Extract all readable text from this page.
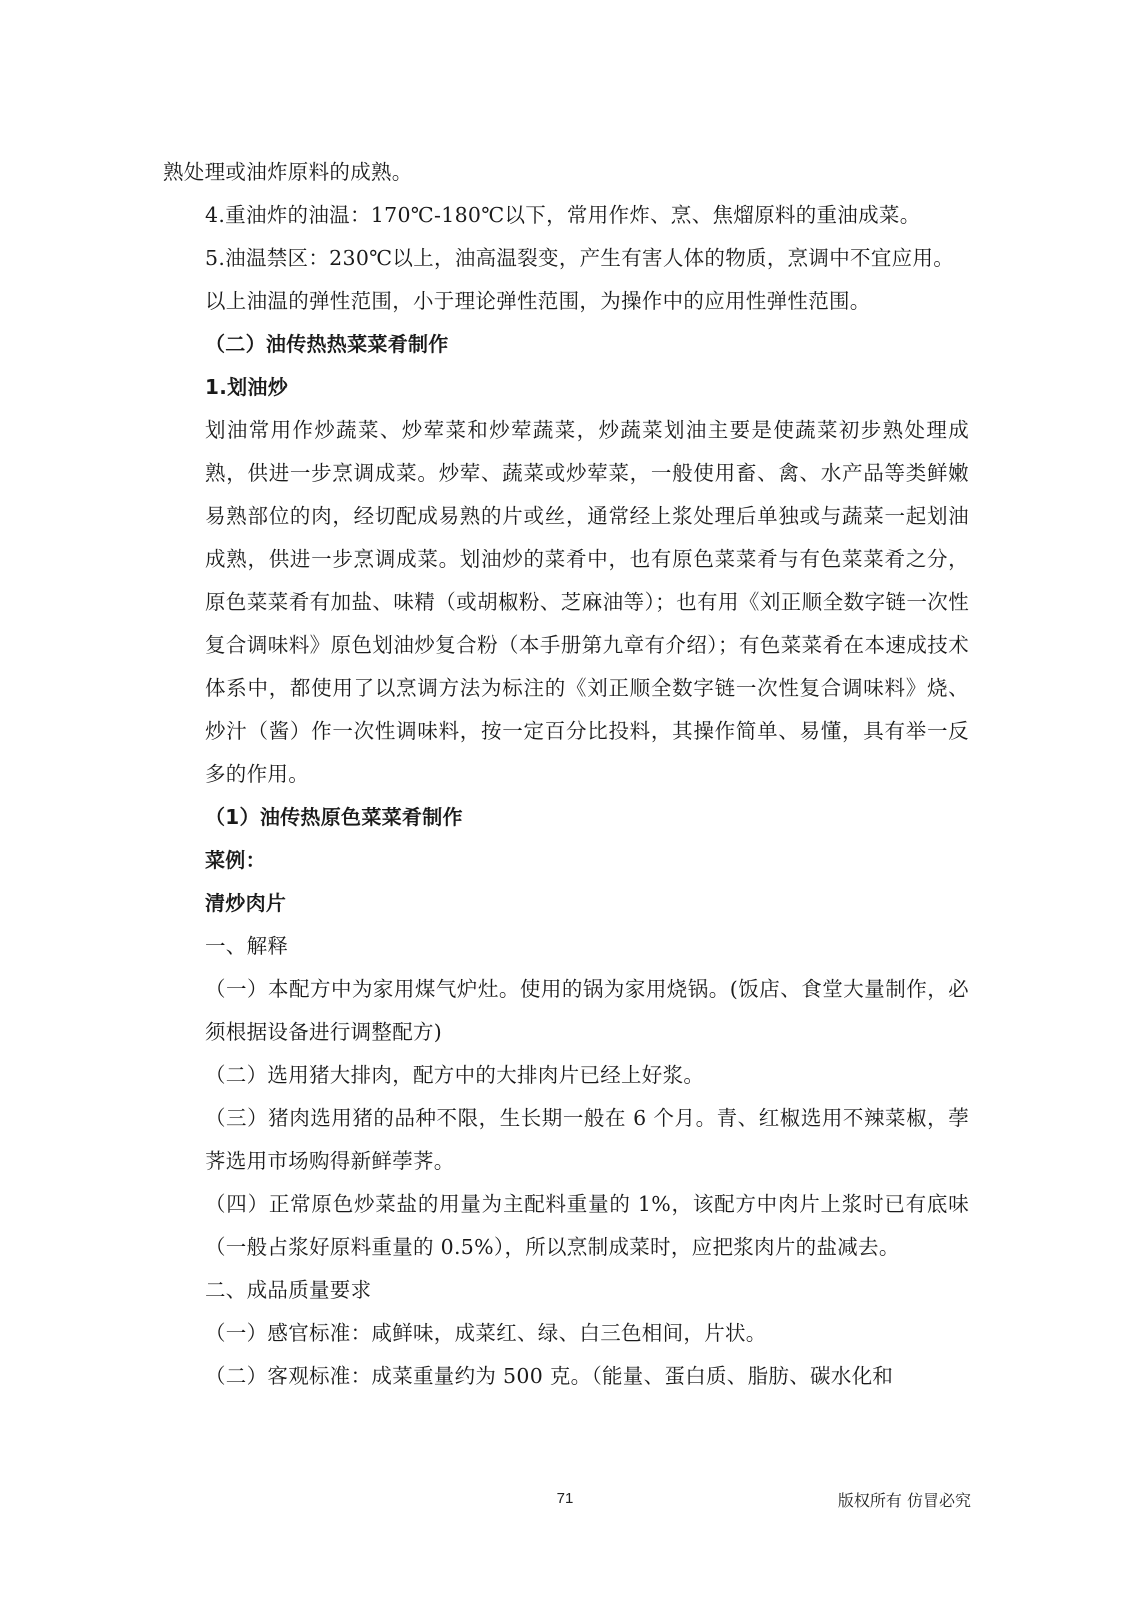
熟处理或油炸原料的成熟。
4.重油炸的油温：170℃-180℃以下，常用作炸、烹、焦熘原料的重油成菜。
5.油温禁区：230℃以上，油高温裂变，产生有害人体的物质，烹调中不宜应用。
以上油温的弹性范围，小于理论弹性范围，为操作中的应用性弹性范围。
（二）油传热热菜菜肴制作
1.划油炒
划油常用作炒蔬菜、炒荤菜和炒荤蔬菜，炒蔬菜划油主要是使蔬菜初步熟处理成熟，供进一步烹调成菜。炒荤、蔬菜或炒荤菜，一般使用畜、禽、水产品等类鲜嫩易熟部位的肉，经切配成易熟的片或丝，通常经上浆处理后单独或与蔬菜一起划油成熟，供进一步烹调成菜。划油炒的菜肴中，也有原色菜菜肴与有色菜菜肴之分，原色菜菜肴有加盐、味精（或胡椒粉、芝麻油等）；也有用《刘正顺全数字链一次性复合调味料》原色划油炒复合粉（本手册第九章有介绍）；有色菜菜肴在本速成技术体系中，都使用了以烹调方法为标注的《刘正顺全数字链一次性复合调味料》烧、炒汁（酱）作一次性调味料，按一定百分比投料，其操作简单、易懂，具有举一反多的作用。
（1）油传热原色菜菜肴制作
菜例：
清炒肉片
一、解释
（一）本配方中为家用煤气炉灶。使用的锅为家用烧锅。(饭店、食堂大量制作，必须根据设备进行调整配方)
（二）选用猪大排肉，配方中的大排肉片已经上好浆。
（三）猪肉选用猪的品种不限，生长期一般在 6 个月。青、红椒选用不辣菜椒，荸荠选用市场购得新鲜荸荠。
（四）正常原色炒菜盐的用量为主配料重量的 1%，该配方中肉片上浆时已有底味（一般占浆好原料重量的 0.5%），所以烹制成菜时，应把浆肉片的盐减去。
二、成品质量要求
（一）感官标准：咸鲜味，成菜红、绿、白三色相间，片状。
（二）客观标准：成菜重量约为 500 克。（能量、蛋白质、脂肪、碳水化和
71	版权所有 仿冒必究
